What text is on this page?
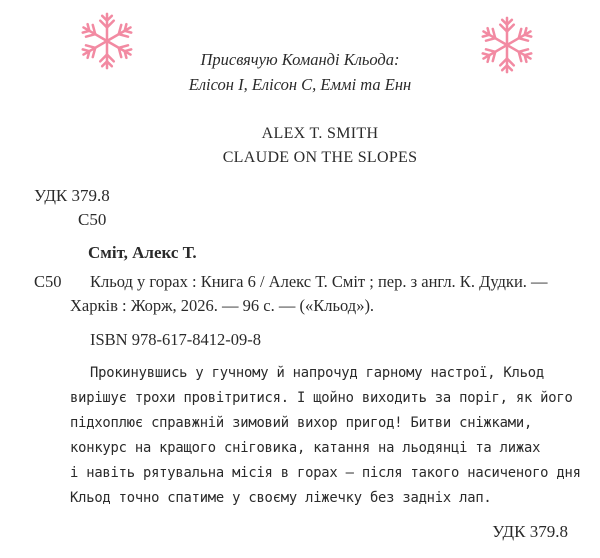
Присвячую Команді Кльода:
Елісон І, Елісон С, Еммі та Енн
ALEX T. SMITH
CLAUDE ON THE SLOPES
УДК 379.8
С50
Сміт, Алекс Т.
С50 Кльод у горах : Книга 6 / Алекс Т. Сміт ; пер. з англ. К. Дудки. —
Харків : Жорж, 2026. — 96 с. — («Кльод»).
ISBN 978-617-8412-09-8
Прокинувшись у гучному й напрочуд гарному настрої, Кльод
вирішує трохи провітритися. І щойно виходить за поріг, як його
підхоплює справжній зимовий вихор пригод! Битви сніжками,
конкурс на кращого сніговика, катання на льодянці та лижах
і навіть рятувальна місія в горах — після такого насиченого дня
Кльод точно спатиме у своєму ліжечку без задніх лап.
УДК 379.8
